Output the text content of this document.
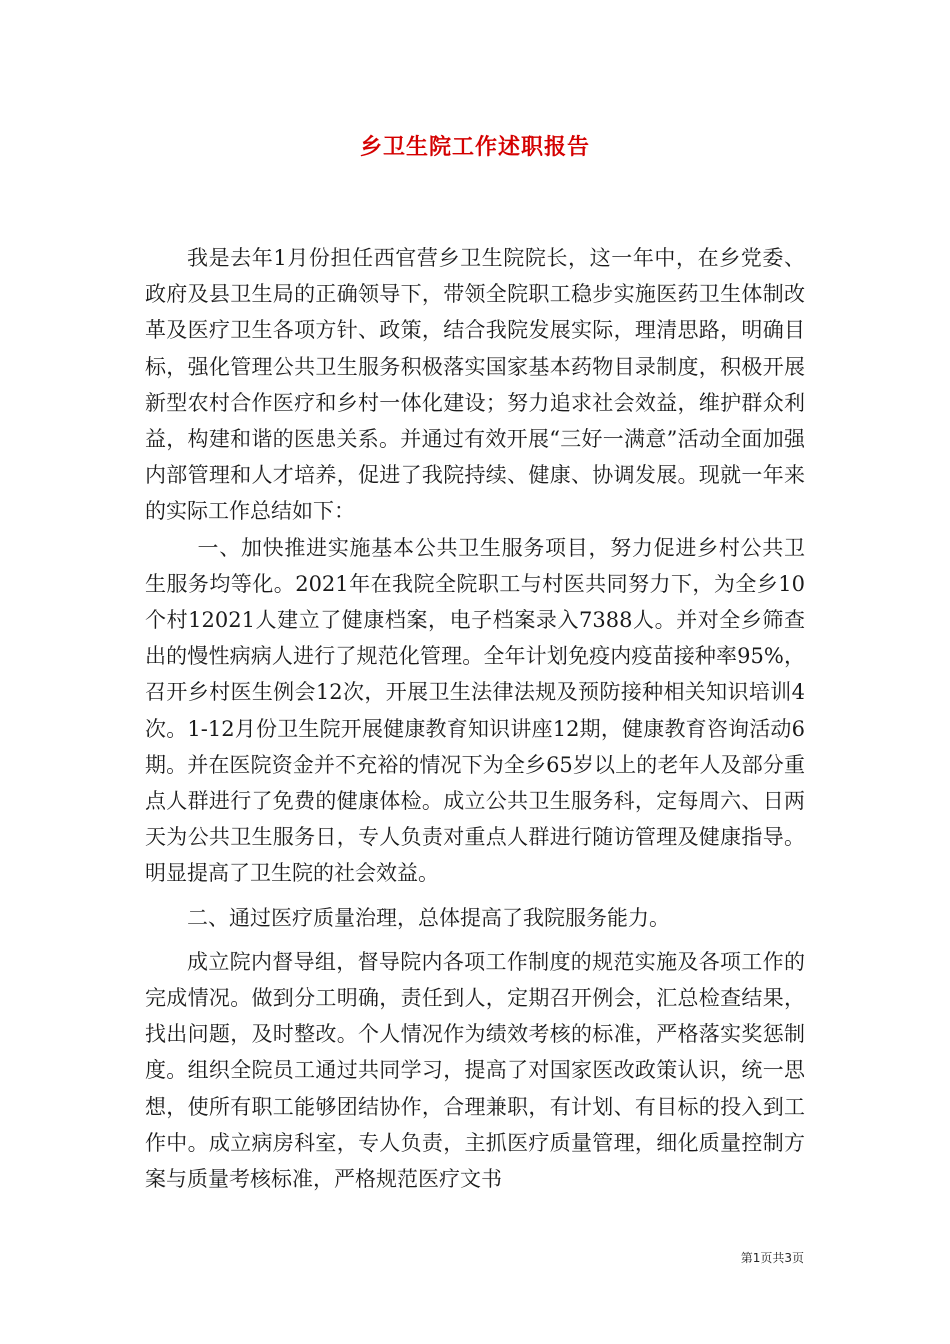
乡卫生院工作述职报告

我是去年1月份担任西官营乡卫生院院长，这一年中，在乡党委、政府及县卫生局的正确领导下，带领全院职工稳步实施医药卫生体制改革及医疗卫生各项方针、政策，结合我院发展实际，理清思路，明确目标，强化管理公共卫生服务积极落实国家基本药物目录制度，积极开展新型农村合作医疗和乡村一体化建设；努力追求社会效益，维护群众利益，构建和谐的医患关系。并通过有效开展“三好一满意”活动全面加强内部管理和人才培养，促进了我院持续、健康、协调发展。现就一年来的实际工作总结如下：

一、加快推进实施基本公共卫生服务项目，努力促进乡村公共卫生服务均等化。2021年在我院全院职工与村医共同努力下，为全乡10个村12021人建立了健康档案，电子档案录入7388人。并对全乡筛查出的慢性病病人进行了规范化管理。全年计划免疫内疫苗接种率95%，召开乡村医生例会12次，开展卫生法律法规及预防接种相关知识培训4次。1-12月份卫生院开展健康教育知识讲座12期，健康教育咨询活动6期。并在医院资金并不充裕的情况下为全乡65岁以上的老年人及部分重点人群进行了免费的健康体检。成立公共卫生服务科，定每周六、日两天为公共卫生服务日，专人负责对重点人群进行随访管理及健康指导。明显提高了卫生院的社会效益。

二、通过医疗质量治理，总体提高了我院服务能力。

成立院内督导组，督导院内各项工作制度的规范实施及各项工作的完成情况。做到分工明确，责任到人，定期召开例会，汇总检查结果，找出问题，及时整改。个人情况作为绩效考核的标准，严格落实奖惩制度。组织全院员工通过共同学习，提高了对国家医改政策认识，统一思想，使所有职工能够团结协作，合理兼职，有计划、有目标的投入到工作中。成立病房科室，专人负责，主抓医疗质量管理，细化质量控制方案与质量考核标准，严格规范医疗文书

第1页共3页
